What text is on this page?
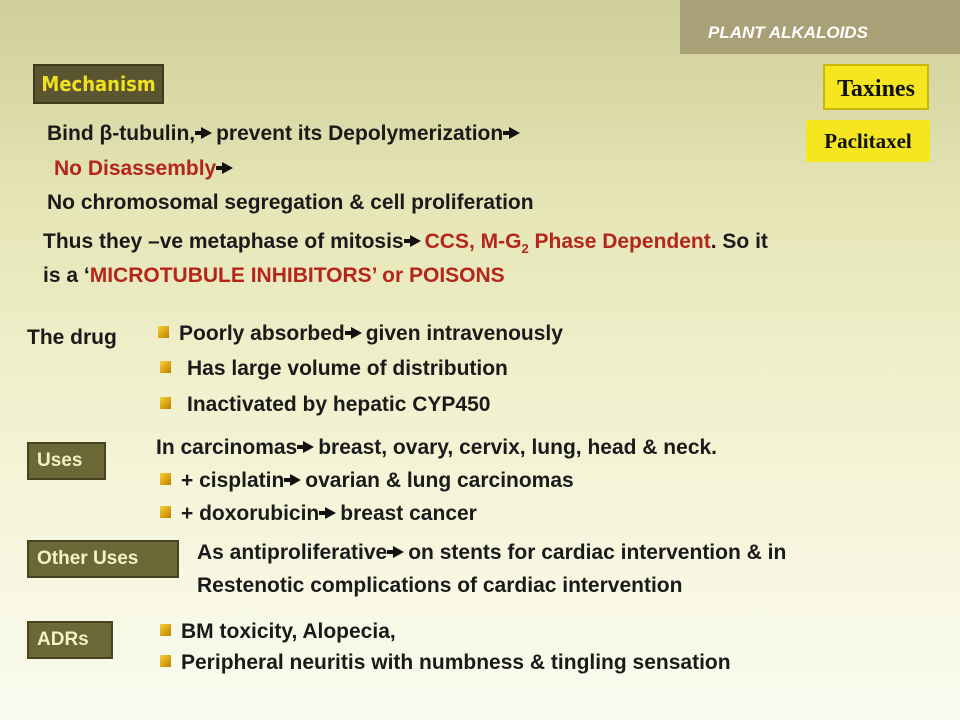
PLANT ALKALOIDS
Mechanism	Taxines
Paclitaxel
Bind β-tubulin, prevent its Depolymerization
No Disassembly
No chromosomal segregation & cell proliferation
Thus they –ve metaphase of mitosis CCS, $M-G_2$ Phase Dependent. So it
is a ‘MICROTUBULE INHIBITORS’ or POISONS
The drug	Poorly absorbed given intravenously
Has large volume of distribution
Inactivated by hepatic CYP450
Uses
In carcinomas breast, ovary, cervix, lung, head & neck.
+ cisplatin ovarian & lung carcinomas
+ doxorubicin breast cancer
Other Uses	As antiproliferative on stents for cardiac intervention & in
Restenotic complications of cardiac intervention
ADRs	BM toxicity, Alopecia,
Peripheral neuritis with numbness & tingling sensation
